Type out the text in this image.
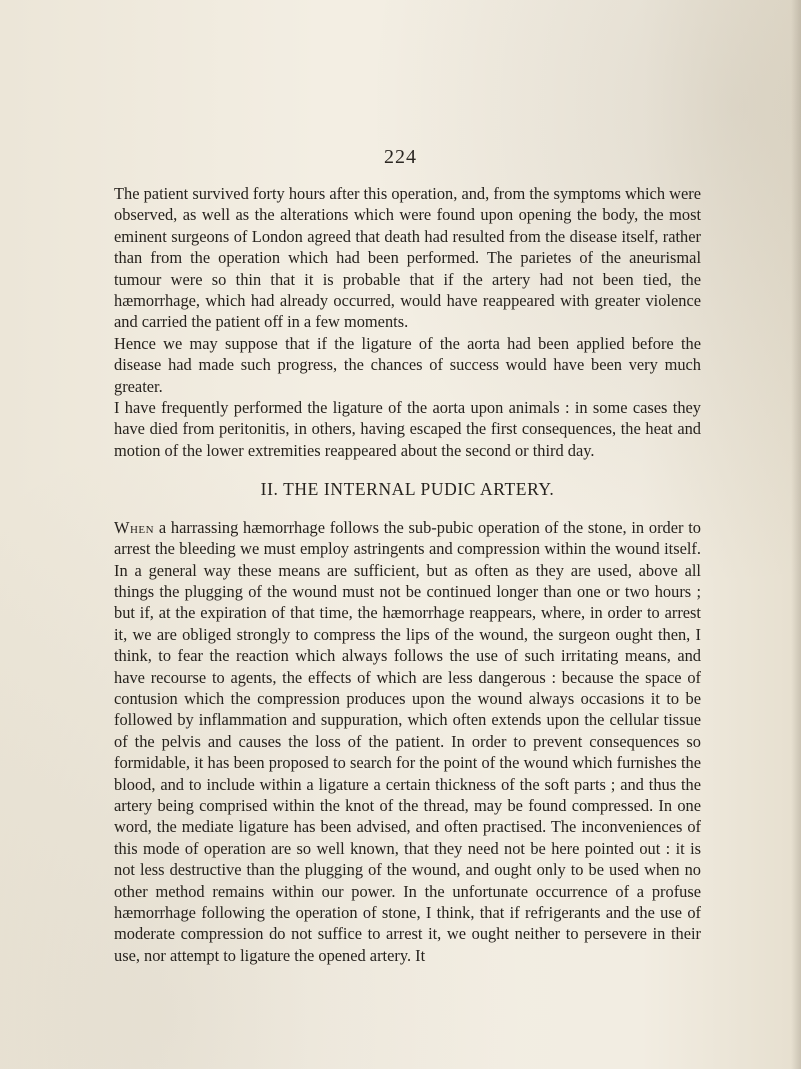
224

The patient survived forty hours after this operation, and, from the symptoms which were observed, as well as the alterations which were found upon opening the body, the most eminent surgeons of London agreed that death had resulted from the disease itself, rather than from the operation which had been performed. The parietes of the aneurismal tumour were so thin that it is probable that if the artery had not been tied, the hæmorrhage, which had already occurred, would have reappeared with greater violence and carried the patient off in a few moments.

Hence we may suppose that if the ligature of the aorta had been applied before the disease had made such progress, the chances of success would have been very much greater.

I have frequently performed the ligature of the aorta upon animals : in some cases they have died from peritonitis, in others, having escaped the first consequences, the heat and motion of the lower extremities reappeared about the second or third day.

II. THE INTERNAL PUDIC ARTERY.

When a harrassing hæmorrhage follows the sub-pubic operation of the stone, in order to arrest the bleeding we must employ astringents and compression within the wound itself. In a general way these means are sufficient, but as often as they are used, above all things the plugging of the wound must not be continued longer than one or two hours ; but if, at the expiration of that time, the hæmorrhage reappears, where, in order to arrest it, we are obliged strongly to compress the lips of the wound, the surgeon ought then, I think, to fear the reaction which always follows the use of such irritating means, and have recourse to agents, the effects of which are less dangerous : because the space of contusion which the compression produces upon the wound always occasions it to be followed by inflammation and suppuration, which often extends upon the cellular tissue of the pelvis and causes the loss of the patient. In order to prevent consequences so formidable, it has been proposed to search for the point of the wound which furnishes the blood, and to include within a ligature a certain thickness of the soft parts ; and thus the artery being comprised within the knot of the thread, may be found compressed. In one word, the mediate ligature has been advised, and often practised. The inconveniences of this mode of operation are so well known, that they need not be here pointed out : it is not less destructive than the plugging of the wound, and ought only to be used when no other method remains within our power. In the unfortunate occurrence of a profuse hæmorrhage following the operation of stone, I think, that if refrigerants and the use of moderate compression do not suffice to arrest it, we ought neither to persevere in their use, nor attempt to ligature the opened artery. It
